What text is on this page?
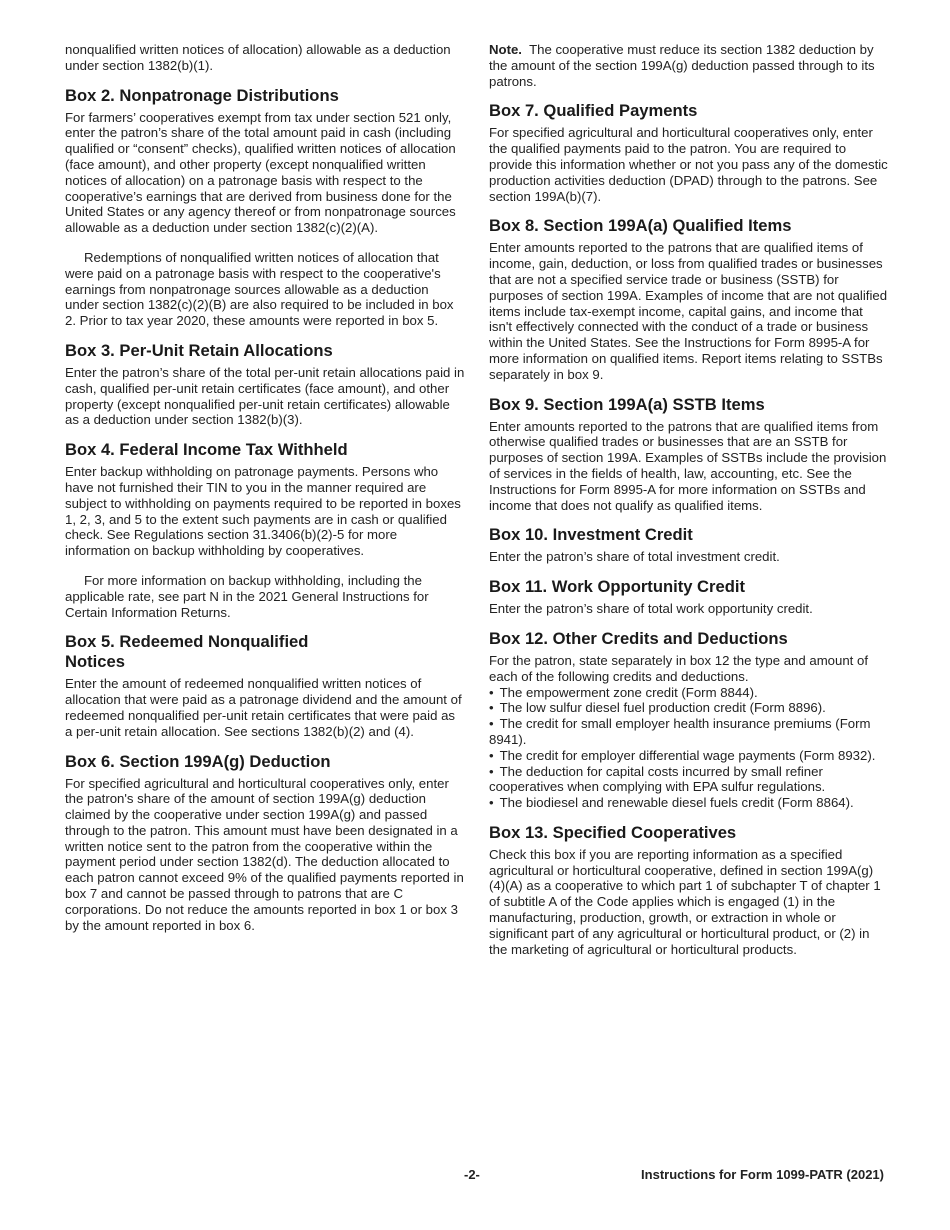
nonqualified written notices of allocation) allowable as a deduction under section 1382(b)(1).

Box 2. Nonpatronage Distributions

For farmers’ cooperatives exempt from tax under section 521 only, enter the patron’s share of the total amount paid in cash (including qualified or “consent” checks), qualified written notices of allocation (face amount), and other property (except nonqualified written notices of allocation) on a patronage basis with respect to the cooperative’s earnings that are derived from business done for the United States or any agency thereof or from nonpatronage sources allowable as a deduction under section 1382(c)(2)(A).

Redemptions of nonqualified written notices of allocation that were paid on a patronage basis with respect to the cooperative's earnings from nonpatronage sources allowable as a deduction under section 1382(c)(2)(B) are also required to be included in box 2. Prior to tax year 2020, these amounts were reported in box 5.

Box 3. Per-Unit Retain Allocations

Enter the patron’s share of the total per-unit retain allocations paid in cash, qualified per-unit retain certificates (face amount), and other property (except nonqualified per-unit retain certificates) allowable as a deduction under section 1382(b)(3).

Box 4. Federal Income Tax Withheld

Enter backup withholding on patronage payments. Persons who have not furnished their TIN to you in the manner required are subject to withholding on payments required to be reported in boxes 1, 2, 3, and 5 to the extent such payments are in cash or qualified check. See Regulations section 31.3406(b)(2)-5 for more information on backup withholding by cooperatives.

For more information on backup withholding, including the applicable rate, see part N in the 2021 General Instructions for Certain Information Returns.

Box 5. Redeemed Nonqualified
Notices

Enter the amount of redeemed nonqualified written notices of allocation that were paid as a patronage dividend and the amount of redeemed nonqualified per-unit retain certificates that were paid as a per-unit retain allocation. See sections 1382(b)(2) and (4).

Box 6. Section 199A(g) Deduction

For specified agricultural and horticultural cooperatives only, enter the patron's share of the amount of section 199A(g) deduction claimed by the cooperative under section 199A(g) and passed through to the patron. This amount must have been designated in a written notice sent to the patron from the cooperative within the payment period under section 1382(d). The deduction allocated to each patron cannot exceed 9% of the qualified payments reported in box 7 and cannot be passed through to patrons that are C corporations. Do not reduce the amounts reported in box 1 or box 3 by the amount reported in box 6.

Note. The cooperative must reduce its section 1382 deduction by the amount of the section 199A(g) deduction passed through to its patrons.

Box 7. Qualified Payments

For specified agricultural and horticultural cooperatives only, enter the qualified payments paid to the patron. You are required to provide this information whether or not you pass any of the domestic production activities deduction (DPAD) through to the patrons. See section 199A(b)(7).

Box 8. Section 199A(a) Qualified Items

Enter amounts reported to the patrons that are qualified items of income, gain, deduction, or loss from qualified trades or businesses that are not a specified service trade or business (SSTB) for purposes of section 199A. Examples of income that are not qualified items include tax-exempt income, capital gains, and income that isn't effectively connected with the conduct of a trade or business within the United States. See the Instructions for Form 8995-A for more information on qualified items. Report items relating to SSTBs separately in box 9.

Box 9. Section 199A(a) SSTB Items

Enter amounts reported to the patrons that are qualified items from otherwise qualified trades or businesses that are an SSTB for purposes of section 199A. Examples of SSTBs include the provision of services in the fields of health, law, accounting, etc. See the Instructions for Form 8995-A for more information on SSTBs and income that does not qualify as qualified items.

Box 10. Investment Credit

Enter the patron’s share of total investment credit.

Box 11. Work Opportunity Credit

Enter the patron’s share of total work opportunity credit.

Box 12. Other Credits and Deductions

For the patron, state separately in box 12 the type and amount of each of the following credits and deductions.

• The empowerment zone credit (Form 8844).
• The low sulfur diesel fuel production credit (Form 8896).
• The credit for small employer health insurance premiums (Form 8941).
• The credit for employer differential wage payments (Form 8932).
• The deduction for capital costs incurred by small refiner cooperatives when complying with EPA sulfur regulations.
• The biodiesel and renewable diesel fuels credit (Form 8864).
Box 13. Specified Cooperatives

Check this box if you are reporting information as a specified agricultural or horticultural cooperative, defined in section 199A(g)(4)(A) as a cooperative to which part 1 of subchapter T of chapter 1 of subtitle A of the Code applies which is engaged (1) in the manufacturing, production, growth, or extraction in whole or significant part of any agricultural or horticultural product, or (2) in the marketing of agricultural or horticultural products.

-2-	Instructions for Form 1099-PATR (2021)
